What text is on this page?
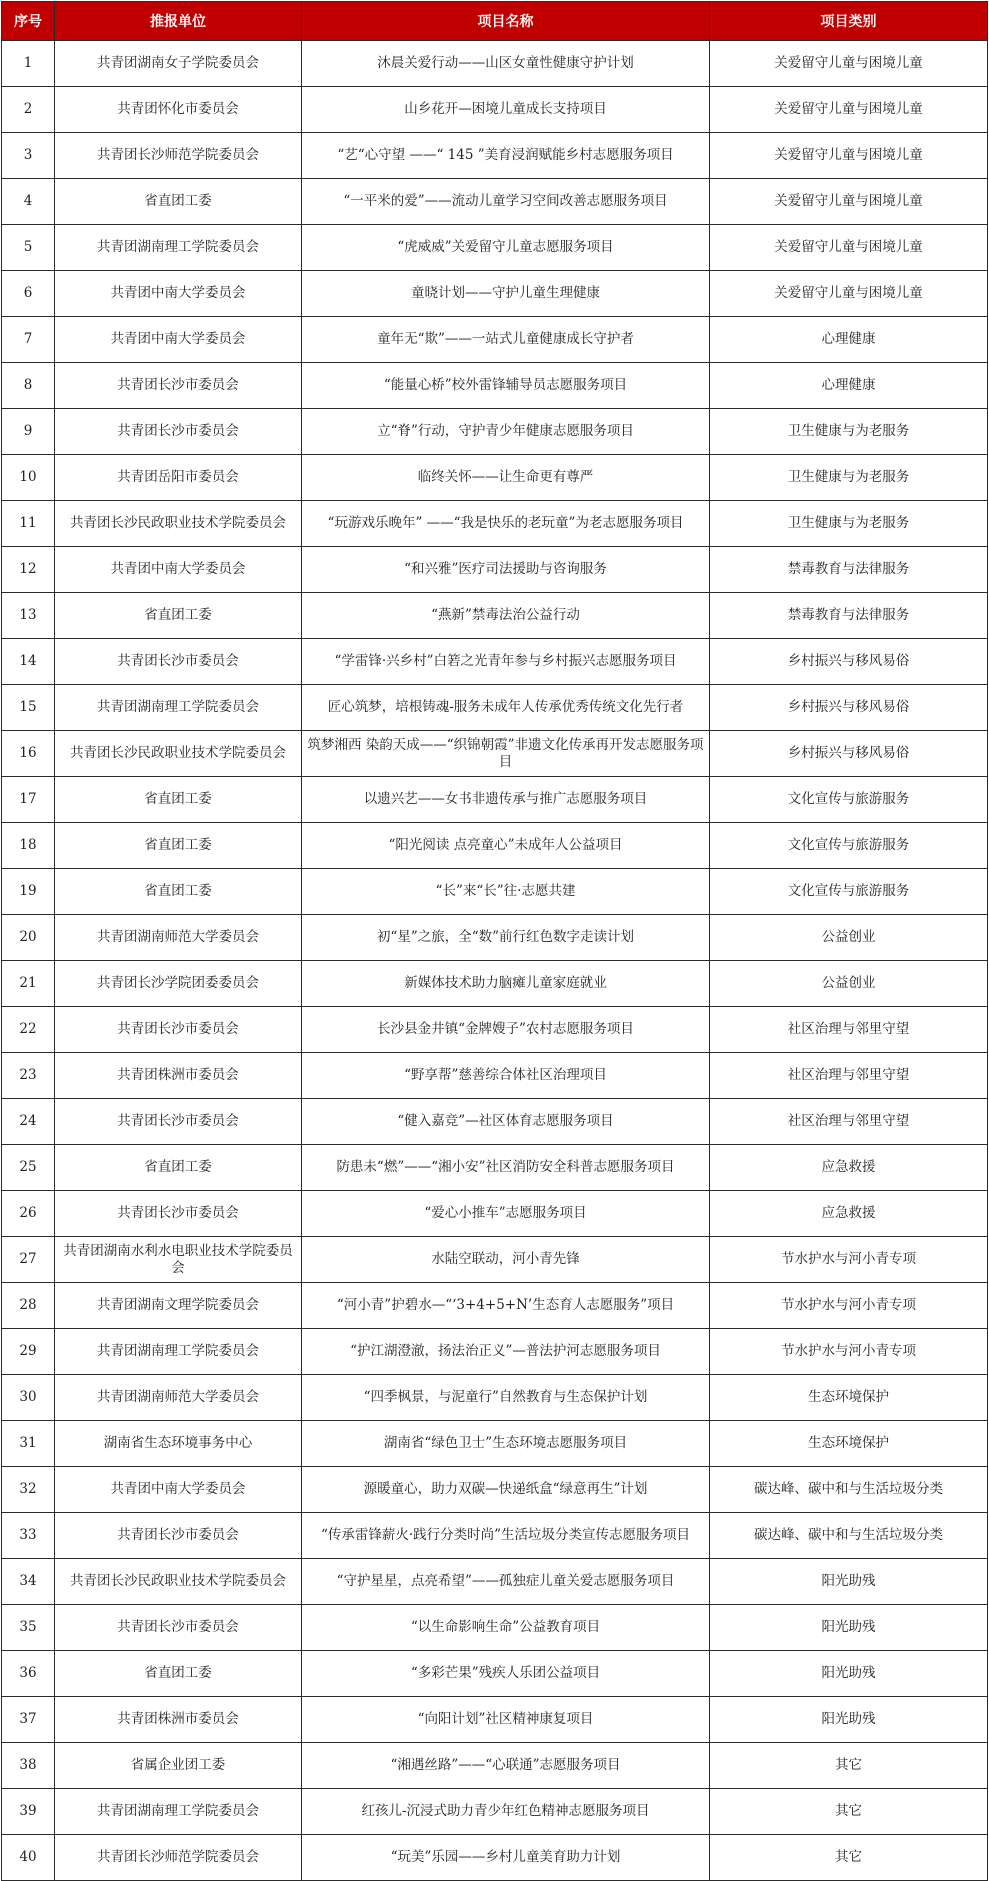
序号	推报单位	项目名称	项目类别
1	共青团湖南女子学院委员会	沐晨关爱行动——山区女童性健康守护计划	关爱留守儿童与困境儿童
2	共青团怀化市委员会	山乡花开—困境儿童成长支持项目	关爱留守儿童与困境儿童
3	共青团长沙师范学院委员会	“艺“心守望 ——“ 145 ”美育浸润赋能乡村志愿服务项目	关爱留守儿童与困境儿童
4	省直团工委	“一平米的爱”——流动儿童学习空间改善志愿服务项目	关爱留守儿童与困境儿童
5	共青团湖南理工学院委员会	“虎威威”关爱留守儿童志愿服务项目	关爱留守儿童与困境儿童
6	共青团中南大学委员会	童晓计划——守护儿童生理健康	关爱留守儿童与困境儿童
7	共青团中南大学委员会	童年无“欺”——一站式儿童健康成长守护者	心理健康
8	共青团长沙市委员会	“能量心桥”校外雷锋辅导员志愿服务项目	心理健康
9	共青团长沙市委员会	立“脊”行动，守护青少年健康志愿服务项目	卫生健康与为老服务
10	共青团岳阳市委员会	临终关怀——让生命更有尊严	卫生健康与为老服务
11	共青团长沙民政职业技术学院委员会	“玩游戏乐晚年” ——“我是快乐的老玩童”为老志愿服务项目	卫生健康与为老服务
12	共青团中南大学委员会	“和兴雅”医疗司法援助与咨询服务	禁毒教育与法律服务
13	省直团工委	“燕新”禁毒法治公益行动	禁毒教育与法律服务
14	共青团长沙市委员会	“学雷锋·兴乡村”白箬之光青年参与乡村振兴志愿服务项目	乡村振兴与移风易俗
15	共青团湖南理工学院委员会	匠心筑梦，培根铸魂-服务未成年人传承优秀传统文化先行者	乡村振兴与移风易俗
16	共青团长沙民政职业技术学院委员会	筑梦湘西 染韵天成——“织锦朝霞”非遗文化传承再开发志愿服务项目	乡村振兴与移风易俗
17	省直团工委	以遗兴艺——女书非遗传承与推广志愿服务项目	文化宣传与旅游服务
18	省直团工委	“阳光阅读 点亮童心”未成年人公益项目	文化宣传与旅游服务
19	省直团工委	“长”来“长”往·志愿共建	文化宣传与旅游服务
20	共青团湖南师范大学委员会	初“星”之旅，全“数”前行红色数字走读计划	公益创业
21	共青团长沙学院团委委员会	新媒体技术助力脑瘫儿童家庭就业	公益创业
22	共青团长沙市委员会	长沙县金井镇“金牌嫂子”农村志愿服务项目	社区治理与邻里守望
23	共青团株洲市委员会	“野享帮”慈善综合体社区治理项目	社区治理与邻里守望
24	共青团长沙市委员会	“健入嘉竞”—社区体育志愿服务项目	社区治理与邻里守望
25	省直团工委	防患未“燃”——“湘小安”社区消防安全科普志愿服务项目	应急救援
26	共青团长沙市委员会	“爱心小推车”志愿服务项目	应急救援
27	共青团湖南水利水电职业技术学院委员会	水陆空联动，河小青先锋	节水护水与河小青专项
28	共青团湖南文理学院委员会	“河小青”护碧水—“‘3+4+5+N’生态育人志愿服务”项目	节水护水与河小青专项
29	共青团湖南理工学院委员会	“护江湖澄澈，扬法治正义”—普法护河志愿服务项目	节水护水与河小青专项
30	共青团湖南师范大学委员会	“四季枫景，与泥童行”自然教育与生态保护计划	生态环境保护
31	湖南省生态环境事务中心	湖南省“绿色卫士”生态环境志愿服务项目	生态环境保护
32	共青团中南大学委员会	源暖童心，助力双碳—快递纸盒“绿意再生”计划	碳达峰、碳中和与生活垃圾分类
33	共青团长沙市委员会	“传承雷锋薪火·践行分类时尚”生活垃圾分类宣传志愿服务项目	碳达峰、碳中和与生活垃圾分类
34	共青团长沙民政职业技术学院委员会	“守护星星，点亮希望”——孤独症儿童关爱志愿服务项目	阳光助残
35	共青团长沙市委员会	“以生命影响生命”公益教育项目	阳光助残
36	省直团工委	“多彩芒果”残疾人乐团公益项目	阳光助残
37	共青团株洲市委员会	“向阳计划”社区精神康复项目	阳光助残
38	省属企业团工委	“湘遇丝路”——“心联通”志愿服务项目	其它
39	共青团湖南理工学院委员会	红孩儿-沉浸式助力青少年红色精神志愿服务项目	其它
40	共青团长沙师范学院委员会	“玩美”乐园——乡村儿童美育助力计划	其它
